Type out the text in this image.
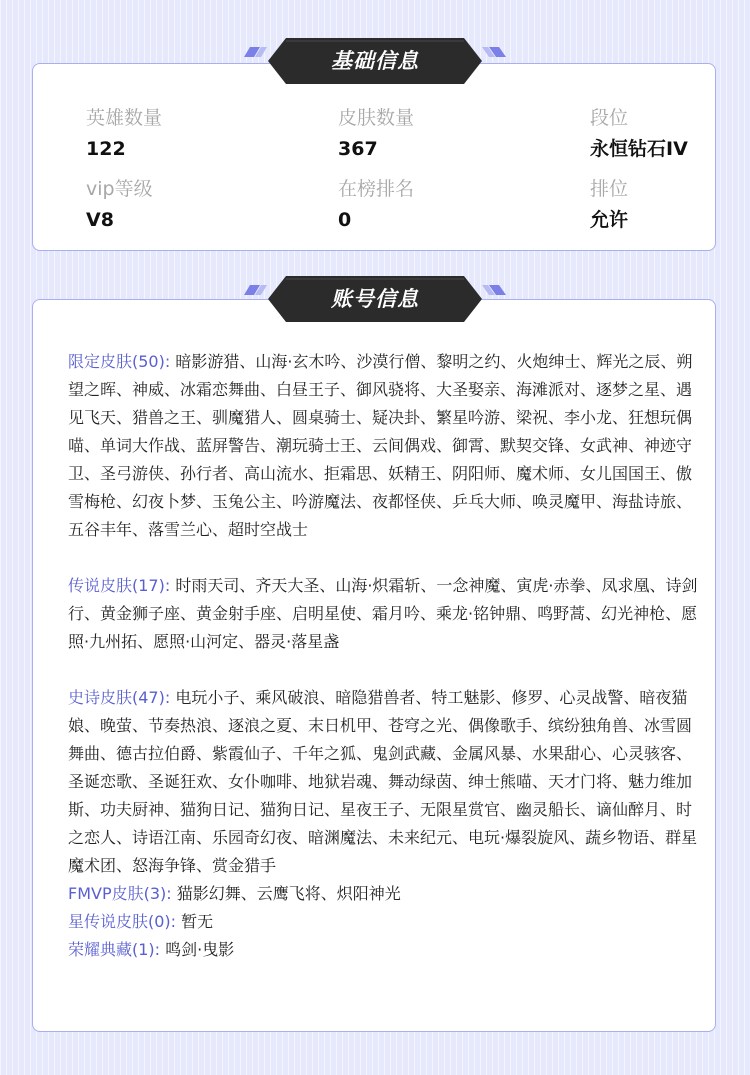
基础信息
英雄数量
122
皮肤数量
367
段位
永恒钻石IV
vip等级
V8
在榜排名
0
排位
允许
账号信息
限定皮肤(50): 暗影游猎、山海·玄木吟、沙漠行僧、黎明之约、火炮绅士、辉光之辰、朔望之晖、神威、冰霜恋舞曲、白昼王子、御风骁将、大圣娶亲、海滩派对、逐梦之星、遇见飞天、猎兽之王、驯魔猎人、圆桌骑士、疑决卦、繁星吟游、梁祝、李小龙、狂想玩偶喵、单词大作战、蓝屏警告、潮玩骑士王、云间偶戏、御霄、默契交锋、女武神、神迹守卫、圣弓游侠、孙行者、高山流水、拒霜思、妖精王、阴阳师、魔术师、女儿国国王、傲雪梅枪、幻夜卜梦、玉兔公主、吟游魔法、夜都怪侠、乒乓大师、唤灵魔甲、海盐诗旅、五谷丰年、落雪兰心、超时空战士
传说皮肤(17): 时雨天司、齐天大圣、山海·炽霜斩、一念神魔、寅虎·赤拳、凤求凰、诗剑行、黄金狮子座、黄金射手座、启明星使、霜月吟、乘龙·铭钟鼎、鸣野蒿、幻光神枪、愿照·九州拓、愿照·山河定、器灵·落星盏
史诗皮肤(47): 电玩小子、乘风破浪、暗隐猎兽者、特工魅影、修罗、心灵战警、暗夜猫娘、晚萤、节奏热浪、逐浪之夏、末日机甲、苍穹之光、偶像歌手、缤纷独角兽、冰雪圆舞曲、德古拉伯爵、紫霞仙子、千年之狐、鬼剑武藏、金属风暴、水果甜心、心灵骇客、圣诞恋歌、圣诞狂欢、女仆咖啡、地狱岩魂、舞动绿茵、绅士熊喵、天才门将、魅力维加斯、功夫厨神、猫狗日记、猫狗日记、星夜王子、无限星赏官、幽灵船长、谪仙醉月、时之恋人、诗语江南、乐园奇幻夜、暗渊魔法、未来纪元、电玩·爆裂旋风、蔬乡物语、群星魔术团、怒海争锋、赏金猎手
FMVP皮肤(3): 猫影幻舞、云鹰飞将、炽阳神光
星传说皮肤(0): 暂无
荣耀典藏(1): 鸣剑·曳影
